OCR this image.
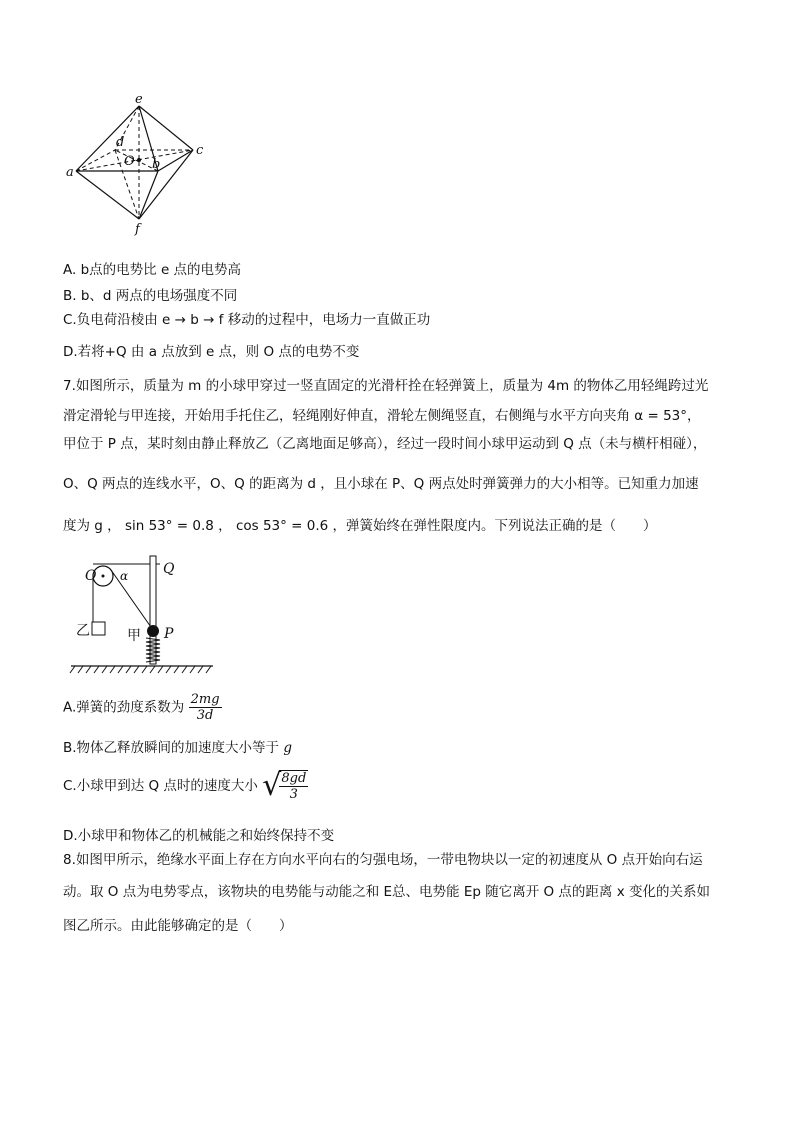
e
a
c
d
O b
f
A. b点的电势比 e 点的电势高
B. b、d 两点的电场强度不同
C.负电荷沿棱由 e → b → f 移动的过程中，电场力一直做正功
D.若将+Q 由 a 点放到 e 点，则 O 点的电势不变
7.如图所示，质量为 m 的小球甲穿过一竖直固定的光滑杆拴在轻弹簧上，质量为 4m 的物体乙用轻绳跨过光
滑定滑轮与甲连接，开始用手托住乙，轻绳刚好伸直，滑轮左侧绳竖直，右侧绳与水平方向夹角 α = 53°，
甲位于 P 点，某时刻由静止释放乙（乙离地面足够高），经过一段时间小球甲运动到 Q 点（未与横杆相碰），
O、Q 两点的连线水平，O、Q 的距离为 d ，且小球在 P、Q 两点处时弹簧弹力的大小相等。已知重力加速
度为 g ， sin 53° = 0.8 ， cos 53° = 0.6 ，弹簧始终在弹性限度内。下列说法正确的是（　　）
O α Q
乙	甲 P
A.弹簧的劲度系数为 $\frac{2mg}{3d}$
B.物体乙释放瞬间的加速度大小等于 g
C.小球甲到达 Q 点时的速度大小 √
$\frac{8gd}{3}$
D.小球甲和物体乙的机械能之和始终保持不变
8.如图甲所示，绝缘水平面上存在方向水平向右的匀强电场，一带电物块以一定的初速度从 O 点开始向右运
动。取 O 点为电势零点，该物块的电势能与动能之和 E总、电势能 Ep 随它离开 O 点的距离 x 变化的关系如
图乙所示。由此能够确定的是（　　）
